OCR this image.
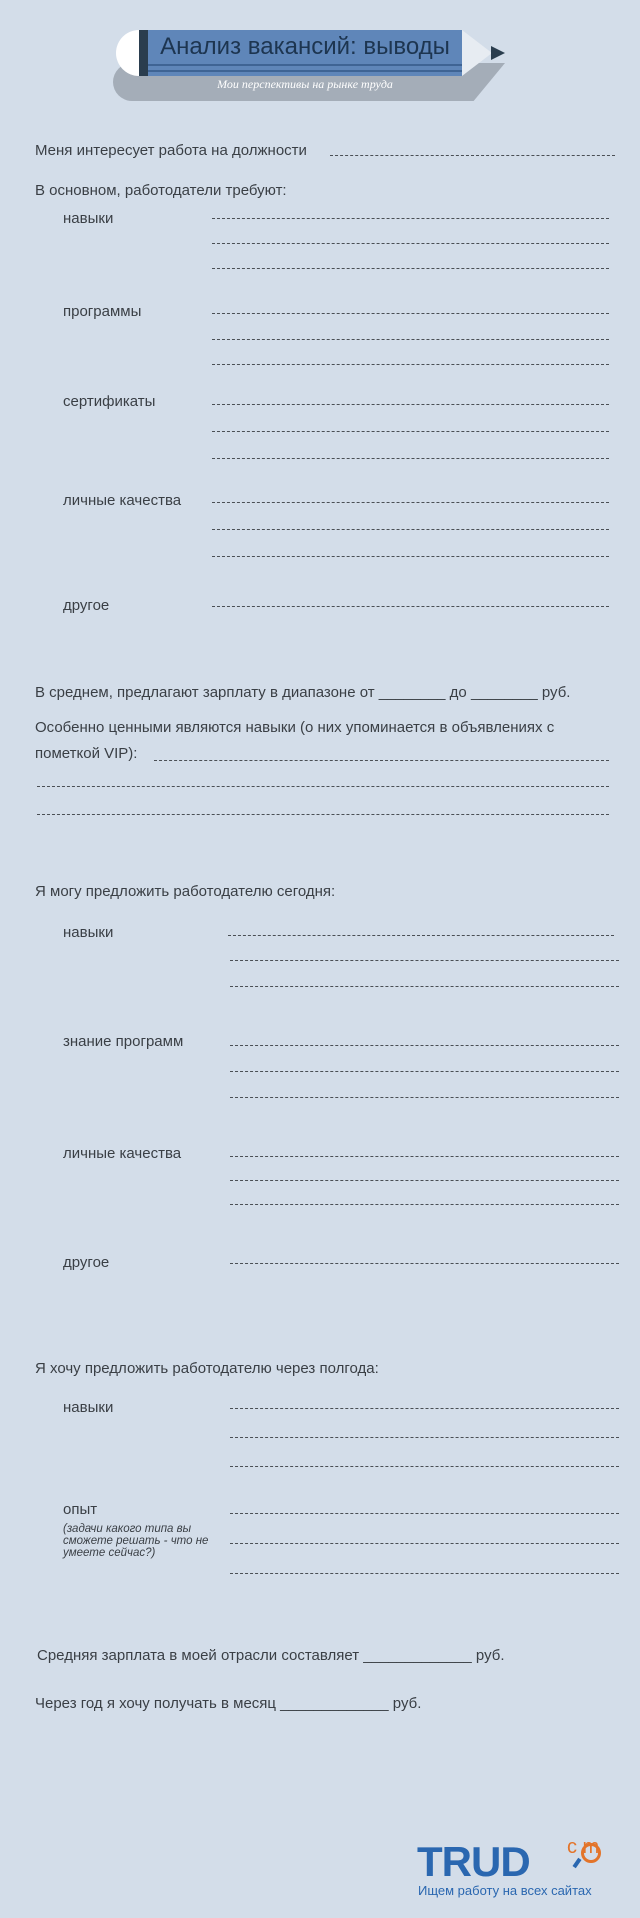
Анализ вакансий: выводы
Мои перспективы на рынке труда
Меня интересует работа на должности
В основном, работодатели требуют:
навыки
программы
сертификаты
личные качества
другое
В среднем, предлагают зарплату в диапазоне от ________ до ________ руб.
Особенно ценными являются навыки (о них упоминается в объявлениях с
пометкой VIP):
Я могу предложить работодателю сегодня:
навыки
знание программ
личные качества
другое
Я хочу предложить работодателю через полгода:
навыки
опыт
(задачи какого типа вы сможете решать - что не умеете сейчас?)
Средняя зарплата в моей отрасли составляет _____________ руб.
Через год я хочу получать в месяц _____________ руб.
TRUD c m
Ищем работу на всех сайтах
